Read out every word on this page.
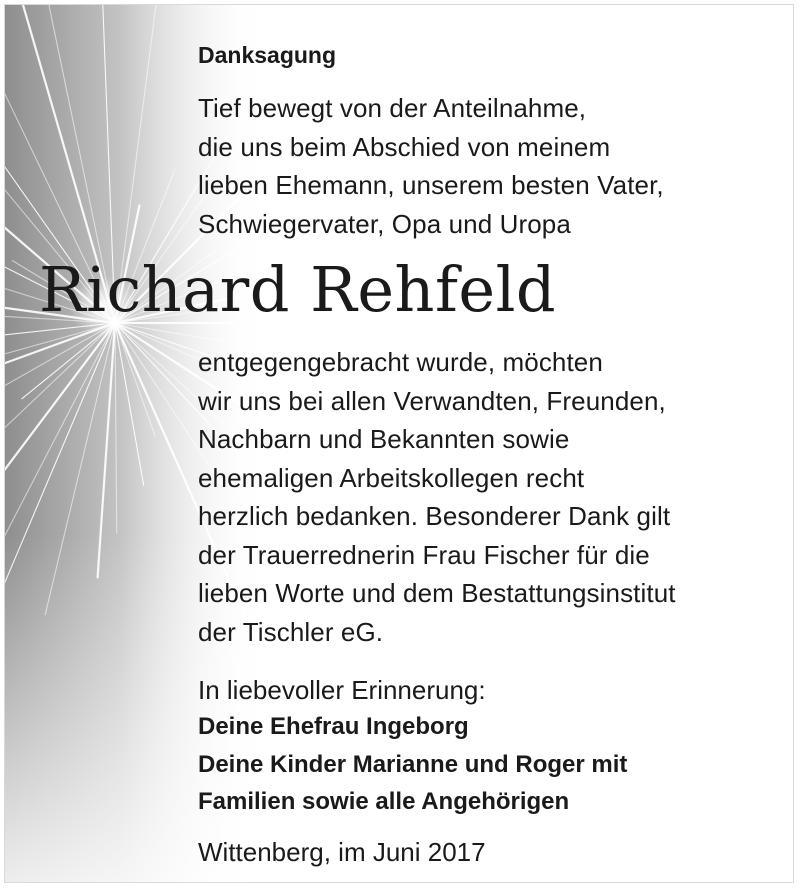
Danksagung

Tief bewegt von der Anteilnahme,
die uns beim Abschied von meinem
lieben Ehemann, unserem besten Vater,
Schwiegervater, Opa und Uropa

Richard Rehfeld

entgegengebracht wurde, möchten
wir uns bei allen Verwandten, Freunden,
Nachbarn und Bekannten sowie
ehemaligen Arbeitskollegen recht
herzlich bedanken. Besonderer Dank gilt
der Trauerrednerin Frau Fischer für die
lieben Worte und dem Bestattungsinstitut
der Tischler eG.

In liebevoller Erinnerung:
Deine Ehefrau Ingeborg
Deine Kinder Marianne und Roger mit
Familien sowie alle Angehörigen
Wittenberg, im Juni 2017
